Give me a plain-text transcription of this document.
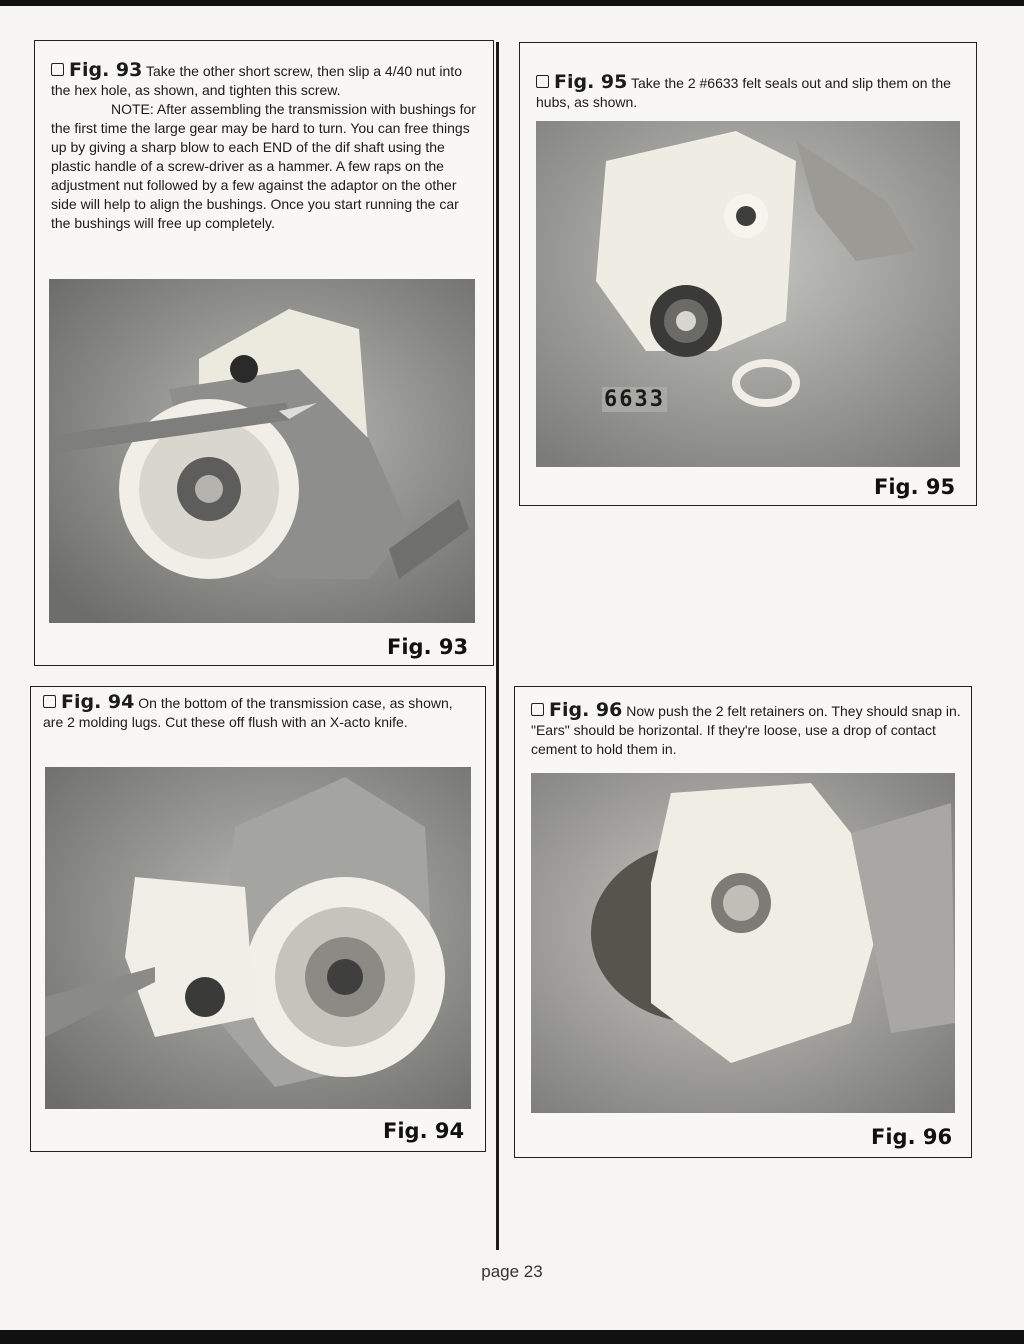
Fig. 93 Take the other short screw, then slip a 4/40 nut into the hex hole, as shown, and tighten this screw.

NOTE: After assembling the transmission with bushings for the first time the large gear may be hard to turn. You can free things up by giving a sharp blow to each END of the dif shaft using the plastic handle of a screw-driver as a hammer. A few raps on the adjustment nut followed by a few against the adaptor on the other side will help to align the bushings. Once you start running the car the bushings will free up completely.

Fig. 93

Fig. 95 Take the 2 #6633 felt seals out and slip them on the hubs, as shown.

6633
Fig. 95

Fig. 94 On the bottom of the transmission case, as shown, are 2 molding lugs. Cut these off flush with an X-acto knife.

Fig. 94

Fig. 96 Now push the 2 felt retainers on. They should snap in. "Ears" should be horizontal. If they're loose, use a drop of contact cement to hold them in.

Fig. 96
page 23
